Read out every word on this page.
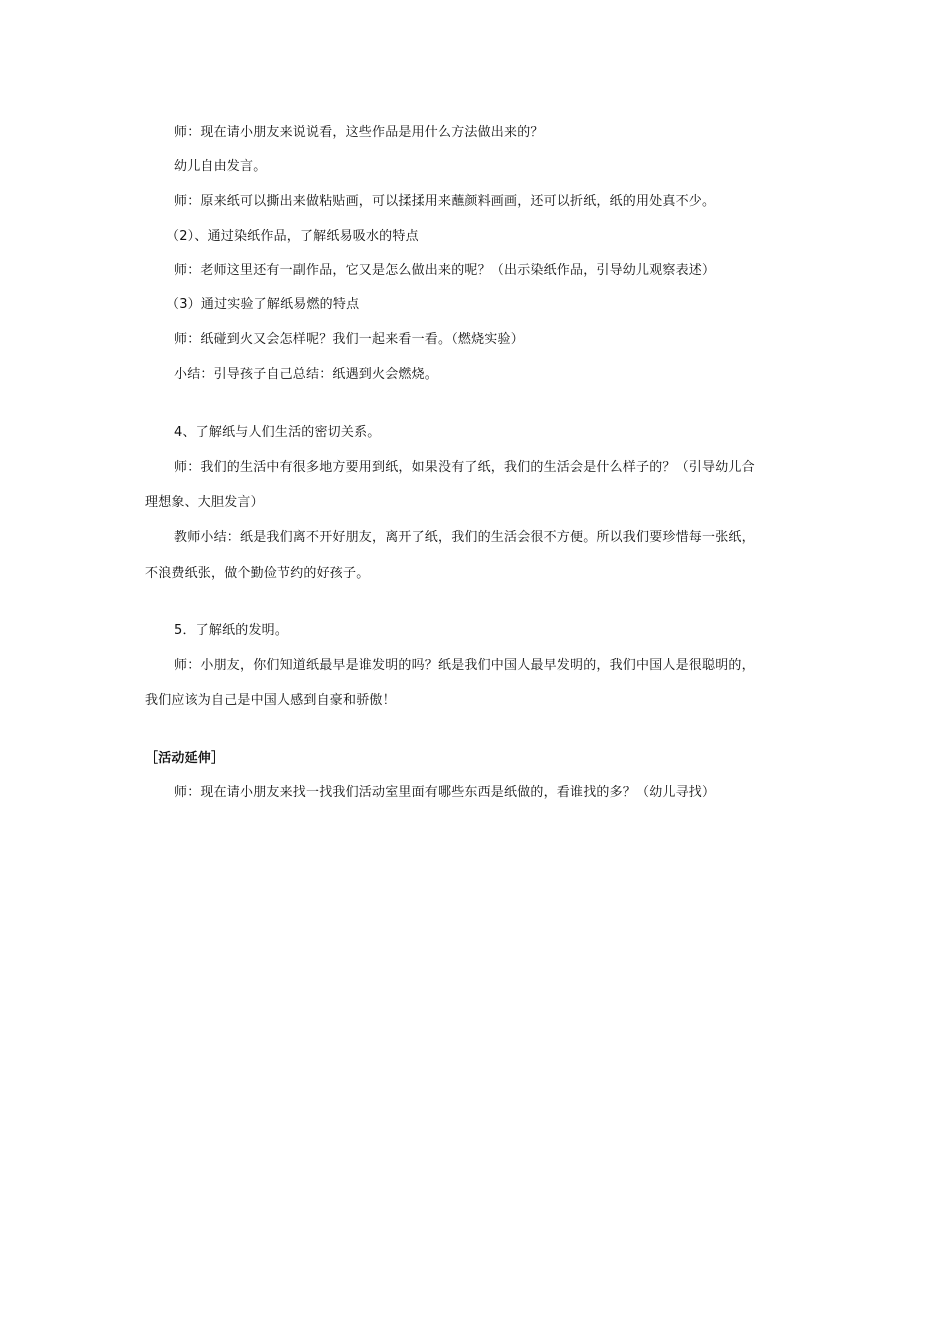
师：现在请小朋友来说说看，这些作品是用什么方法做出来的？
幼儿自由发言。
师：原来纸可以撕出来做粘贴画，可以揉揉用来蘸颜料画画，还可以折纸，纸的用处真不少。
（2）、通过染纸作品，了解纸易吸水的特点
师：老师这里还有一副作品，它又是怎么做出来的呢？（出示染纸作品，引导幼儿观察表述）
（3）通过实验了解纸易燃的特点
师：纸碰到火又会怎样呢？我们一起来看一看。（燃烧实验）
小结：引导孩子自己总结：纸遇到火会燃烧。
4、了解纸与人们生活的密切关系。
师：我们的生活中有很多地方要用到纸，如果没有了纸，我们的生活会是什么样子的？（引导幼儿合
理想象、大胆发言）
教师小结：纸是我们离不开好朋友，离开了纸，我们的生活会很不方便。所以我们要珍惜每一张纸，
不浪费纸张，做个勤俭节约的好孩子。
5．了解纸的发明。
师：小朋友，你们知道纸最早是谁发明的吗？纸是我们中国人最早发明的，我们中国人是很聪明的，
我们应该为自己是中国人感到自豪和骄傲！
［活动延伸］
师：现在请小朋友来找一找我们活动室里面有哪些东西是纸做的，看谁找的多？（幼儿寻找）
